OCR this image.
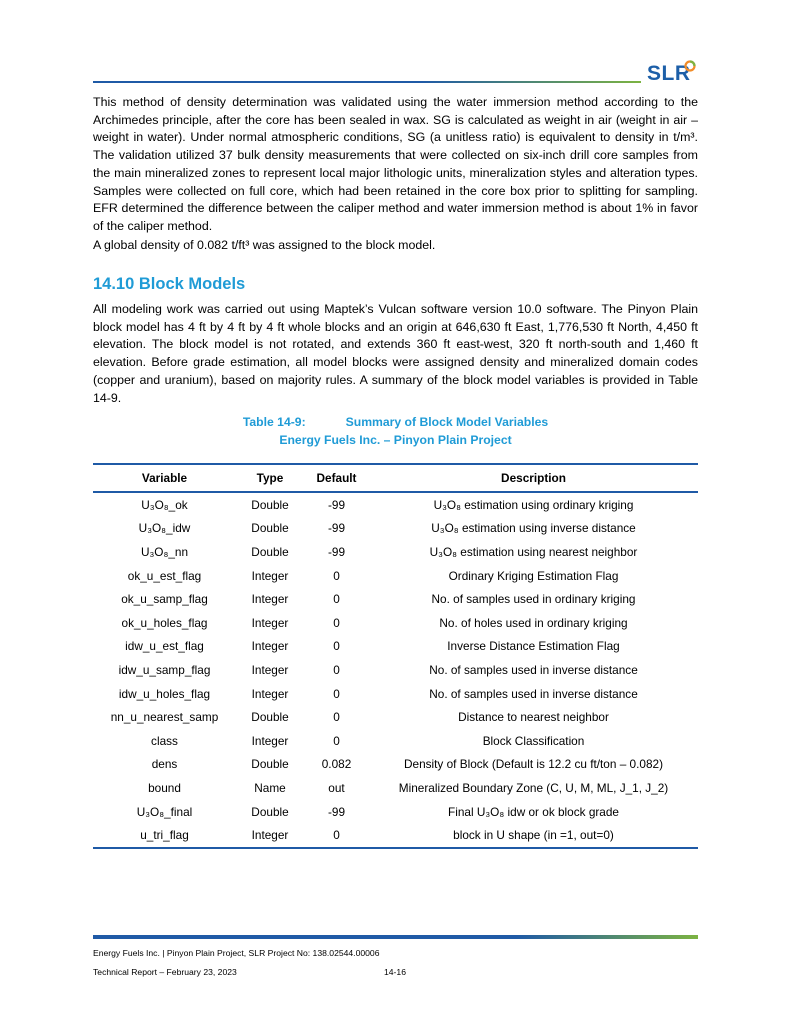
SLR
This method of density determination was validated using the water immersion method according to the Archimedes principle, after the core has been sealed in wax. SG is calculated as weight in air (weight in air – weight in water). Under normal atmospheric conditions, SG (a unitless ratio) is equivalent to density in t/m³. The validation utilized 37 bulk density measurements that were collected on six-inch drill core samples from the main mineralized zones to represent local major lithologic units, mineralization styles and alteration types. Samples were collected on full core, which had been retained in the core box prior to splitting for sampling. EFR determined the difference between the caliper method and water immersion method is about 1% in favor of the caliper method.
A global density of 0.082 t/ft³ was assigned to the block model.
14.10 Block Models
All modeling work was carried out using Maptek’s Vulcan software version 10.0 software. The Pinyon Plain block model has 4 ft by 4 ft by 4 ft whole blocks and an origin at 646,630 ft East, 1,776,530 ft North, 4,450 ft elevation. The block model is not rotated, and extends 360 ft east-west, 320 ft north-south and 1,460 ft elevation. Before grade estimation, all model blocks were assigned density and mineralized domain codes (copper and uranium), based on majority rules. A summary of the block model variables is provided in Table 14-9.
Table 14-9:	Summary of Block Model Variables
Energy Fuels Inc. – Pinyon Plain Project
Variable	Type	Default	Description
U₃O₈_ok	Double	-99	U₃O₈ estimation using ordinary kriging
U₃O₈_idw	Double	-99	U₃O₈ estimation using inverse distance
U₃O₈_nn	Double	-99	U₃O₈ estimation using nearest neighbor
ok_u_est_flag	Integer	0	Ordinary Kriging Estimation Flag
ok_u_samp_flag	Integer	0	No. of samples used in ordinary kriging
ok_u_holes_flag	Integer	0	No. of holes used in ordinary kriging
idw_u_est_flag	Integer	0	Inverse Distance Estimation Flag
idw_u_samp_flag	Integer	0	No. of samples used in inverse distance
idw_u_holes_flag	Integer	0	No. of samples used in inverse distance
nn_u_nearest_samp	Double	0	Distance to nearest neighbor
class	Integer	0	Block Classification
dens	Double	0.082	Density of Block (Default is 12.2 cu ft/ton – 0.082)
bound	Name	out	Mineralized Boundary Zone (C, U, M, ML, J_1, J_2)
U₃O₈_final	Double	-99	Final U₃O₈ idw or ok block grade
u_tri_flag	Integer	0	block in U shape (in =1, out=0)
Energy Fuels Inc. | Pinyon Plain Project, SLR Project No: 138.02544.00006
Technical Report – February 23, 2023	14-16
